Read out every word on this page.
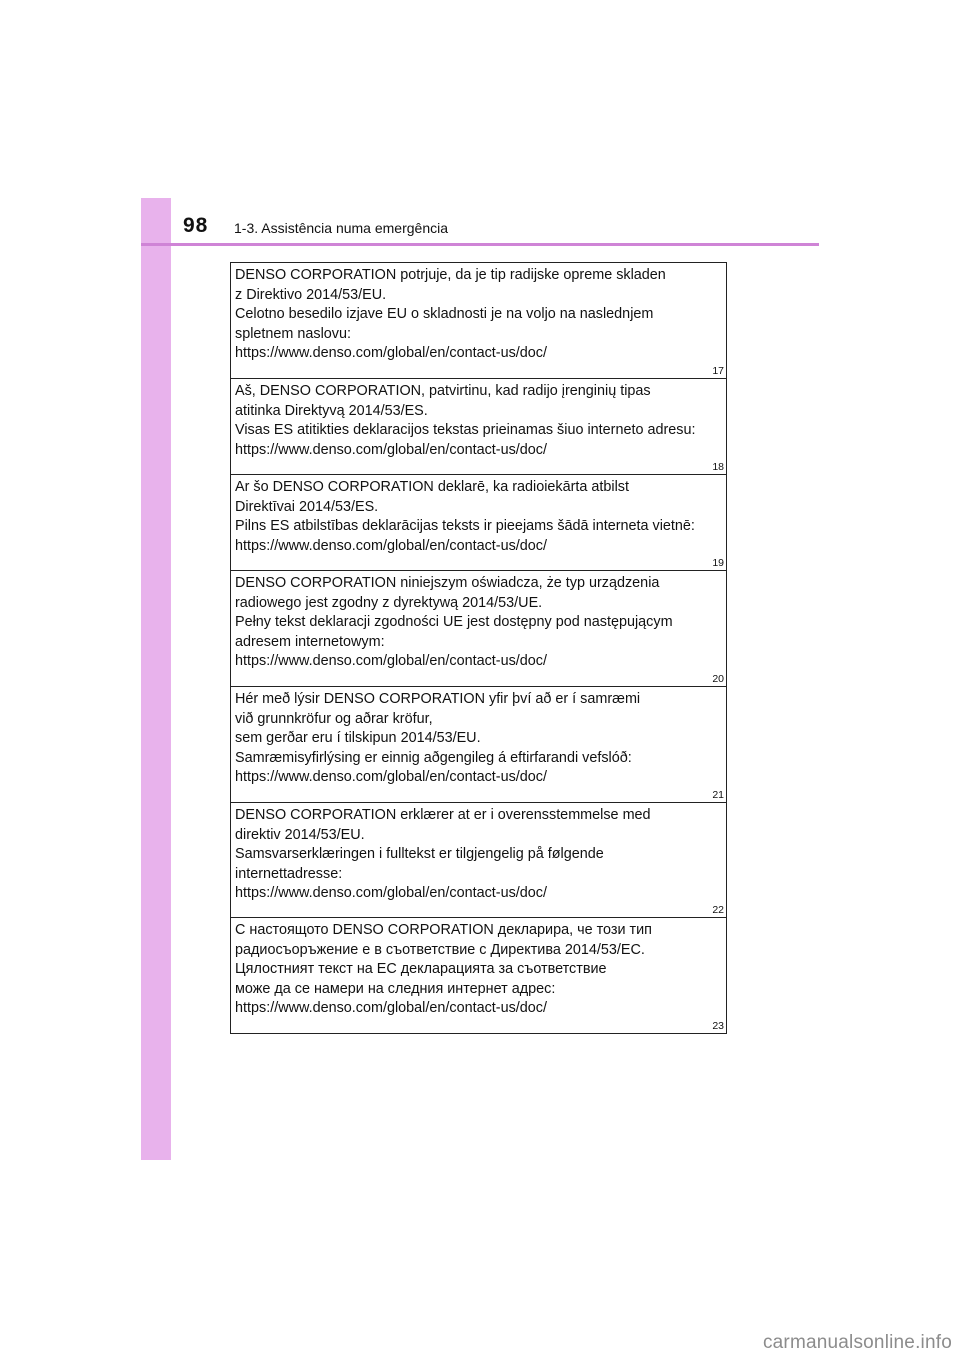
98 1-3. Assistência numa emergência
DENSO CORPORATION potrjuje, da je tip radijske opreme skladen
z Direktivo 2014/53/EU.
Celotno besedilo izjave EU o skladnosti je na voljo na naslednjem
spletnem naslovu:
https://www.denso.com/global/en/contact-us/doc/
17
Aš, DENSO CORPORATION, patvirtinu, kad radijo įrenginių tipas
atitinka Direktyvą 2014/53/ES.
Visas ES atitikties deklaracijos tekstas prieinamas šiuo interneto adresu:
https://www.denso.com/global/en/contact-us/doc/
18
Ar šo DENSO CORPORATION deklarē, ka radioiekārta atbilst
Direktīvai 2014/53/ES.
Pilns ES atbilstības deklarācijas teksts ir pieejams šādā interneta vietnē:
https://www.denso.com/global/en/contact-us/doc/
19
DENSO CORPORATION niniejszym oświadcza, że typ urządzenia
radiowego jest zgodny z dyrektywą 2014/53/UE.
Pełny tekst deklaracji zgodności UE jest dostępny pod następującym
adresem internetowym:
https://www.denso.com/global/en/contact-us/doc/
20
Hér með lýsir DENSO CORPORATION yfir því að er í samræmi
við grunnkröfur og aðrar kröfur,
sem gerðar eru í tilskipun 2014/53/EU.
Samræmisyfirlýsing er einnig aðgengileg á eftirfarandi vefslóð:
https://www.denso.com/global/en/contact-us/doc/
21
DENSO CORPORATION erklærer at er i overensstemmelse med
direktiv 2014/53/EU.
Samsvarserklæringen i fulltekst er tilgjengelig på følgende
internettadresse:
https://www.denso.com/global/en/contact-us/doc/
22
С настоящото DENSO CORPORATION декларира, че този тип
радиосъоръжение е в съответствие с Директива 2014/53/ЕС.
Цялостният текст на ЕС декларацията за съответствие
може да се намери на следния интернет адрес:
https://www.denso.com/global/en/contact-us/doc/
23
carmanualsonline.info
